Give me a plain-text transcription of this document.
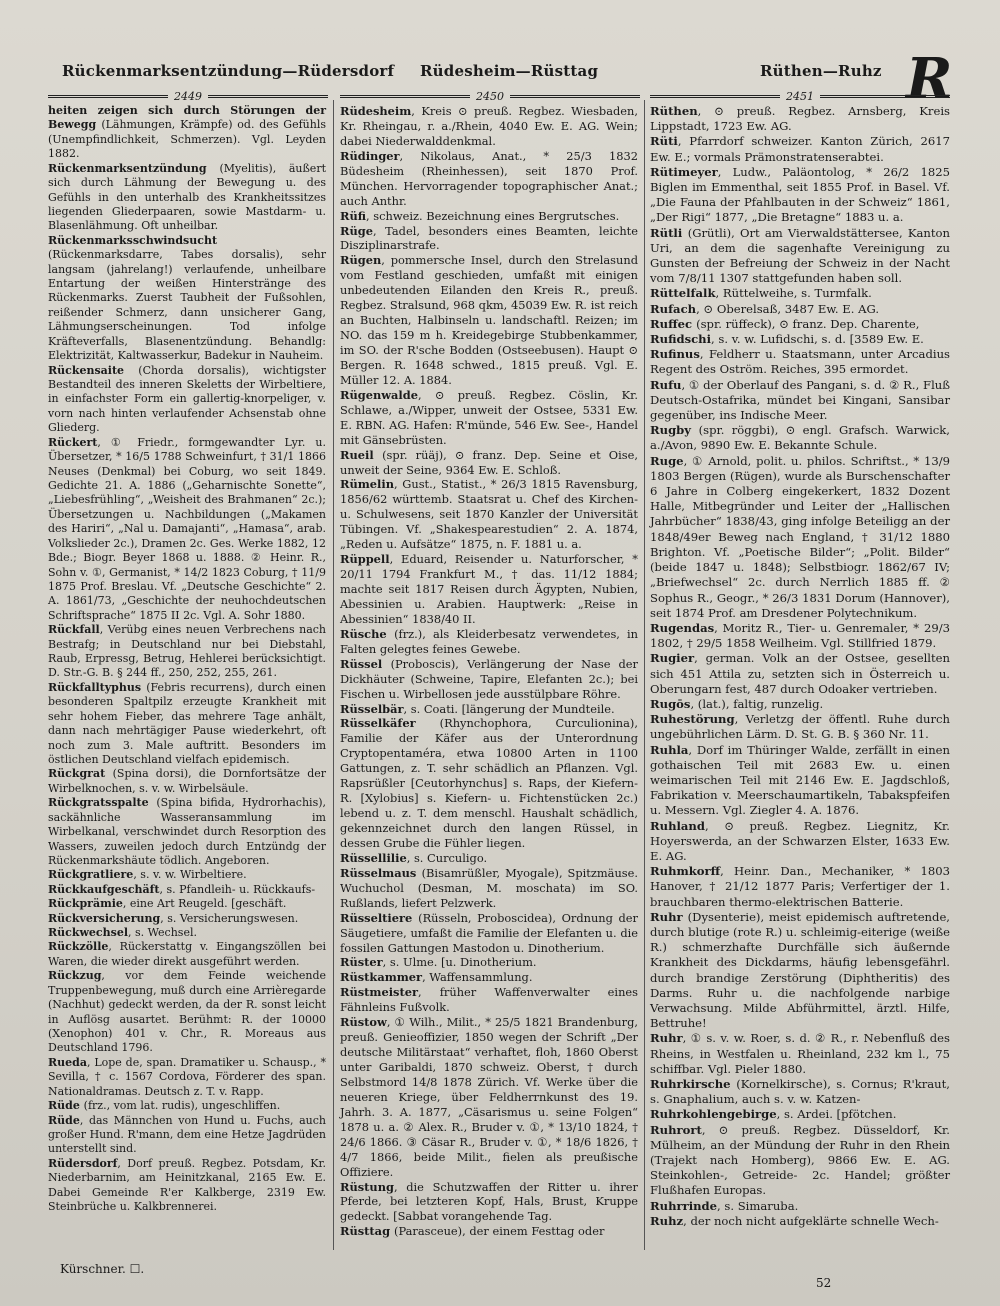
Rückenmarksentzündung—Rüdersdorf Rüdesheim—Rüsttag	Rüthen—Ruhz R
2449	2450	2451
heiten zeigen sich durch Störungen der Bewegg (Lähmungen, Krämpfe) od. des Gefühls (Unempfindlichkeit, Schmerzen). Vgl. Leyden 1882.
Rückenmarksentzündung (Myelitis), äußert sich durch Lähmung der Bewegung u. des Gefühls in den unterhalb des Krankheitssitzes liegenden Gliederpaaren, sowie Mastdarm- u. Blasenlähmung. Oft unheilbar.
Rückenmarksschwindsucht (Rückenmarksdarre, Tabes dorsalis), sehr langsam (jahrelang!) verlaufende, unheilbare Entartung der weißen Hinterstränge des Rückenmarks. Zuerst Taubheit der Fußsohlen, reißender Schmerz, dann unsicherer Gang, Lähmungserscheinungen. Tod infolge Kräfteverfalls, Blasenentzündung. Behandlg: Elektrizität, Kaltwasserkur, Badekur in Nauheim.
Rückensaite (Chorda dorsalis), wichtigster Bestandteil des inneren Skeletts der Wirbeltiere, in einfachster Form ein gallertig-knorpeliger, v. vorn nach hinten verlaufender Achsenstab ohne Gliederg.
Rückert, ① Friedr., formgewandter Lyr. u. Übersetzer, * 16/5 1788 Schweinfurt, † 31/1 1866 Neuses (Denkmal) bei Coburg, wo seit 1849. Gedichte 21. A. 1886 („Geharnischte Sonette“, „Liebesfrühling“, „Weisheit des Brahmanen“ 2c.); Übersetzungen u. Nachbildungen („Makamen des Hariri“, „Nal u. Damajanti“, „Hamasa“, arab. Volkslieder 2c.), Dramen 2c. Ges. Werke 1882, 12 Bde.; Biogr. Beyer 1868 u. 1888. ② Heinr. R., Sohn v. ①, Germanist, * 14/2 1823 Coburg, † 11/9 1875 Prof. Breslau. Vf. „Deutsche Geschichte“ 2. A. 1861/73, „Geschichte der neuhochdeutschen Schriftsprache“ 1875 II 2c. Vgl. A. Sohr 1880.
Rückfall, Verübg eines neuen Verbrechens nach Bestrafg; in Deutschland nur bei Diebstahl, Raub, Erpressg, Betrug, Hehlerei berücksichtigt. D. Str.-G. B. § 244 ff., 250, 252, 255, 261.
Rückfalltyphus (Febris recurrens), durch einen besonderen Spaltpilz erzeugte Krankheit mit sehr hohem Fieber, das mehrere Tage anhält, dann nach mehrtägiger Pause wiederkehrt, oft noch zum 3. Male auftritt. Besonders im östlichen Deutschland vielfach epidemisch.
Rückgrat (Spina dorsi), die Dornfortsätze der Wirbelknochen, s. v. w. Wirbelsäule.
Rückgratsspalte (Spina bifida, Hydrorhachis), sackähnliche Wasseransammlung im Wirbelkanal, verschwindet durch Resorption des Wassers, zuweilen jedoch durch Entzündg der Rückenmarkshäute tödlich. Angeboren.
Rückgratliere, s. v. w. Wirbeltiere.
Rückkaufgeschäft, s. Pfandleih- u. Rückkaufs-
Rückprämie, eine Art Reugeld. [geschäft.
Rückversicherung, s. Versicherungswesen.
Rückwechsel, s. Wechsel.
Rückzölle, Rückerstattg v. Eingangszöllen bei Waren, die wieder direkt ausgeführt werden.
Rückzug, vor dem Feinde weichende Truppenbewegung, muß durch eine Arrièregarde (Nachhut) gedeckt werden, da der R. sonst leicht in Auflösg ausartet. Berühmt: R. der 10000 (Xenophon) 401 v. Chr., R. Moreaus aus Deutschland 1796.
Rueda, Lope de, span. Dramatiker u. Schausp., * Sevilla, † c. 1567 Cordova, Förderer des span. Nationaldramas. Deutsch z. T. v. Rapp.
Rüde (frz., vom lat. rudis), ungeschliffen.
Rüde, das Männchen von Hund u. Fuchs, auch großer Hund. R'mann, dem eine Hetze Jagdrüden unterstellt sind.
Rüdersdorf, Dorf preuß. Regbez. Potsdam, Kr. Niederbarnim, am Heinitzkanal, 2165 Ew. E. Dabei Gemeinde R'er Kalkberge, 2319 Ew. Steinbrüche u. Kalkbrennerei.
Rüdesheim, Kreis ⊙ preuß. Regbez. Wiesbaden, Kr. Rheingau, r. a./Rhein, 4040 Ew. E. AG. Wein; dabei Niederwalddenkmal.
Rüdinger, Nikolaus, Anat., * 25/3 1832 Büdesheim (Rheinhessen), seit 1870 Prof. München. Hervorragender topographischer Anat.; auch Anthr.
Rüfi, schweiz. Bezeichnung eines Bergrutsches.
Rüge, Tadel, besonders eines Beamten, leichte Disziplinarstrafe.
Rügen, pommersche Insel, durch den Strelasund vom Festland geschieden, umfaßt mit einigen unbedeutenden Eilanden den Kreis R., preuß. Regbez. Stralsund, 968 qkm, 45039 Ew. R. ist reich an Buchten, Halbinseln u. landschaftl. Reizen; im NO. das 159 m h. Kreidegebirge Stubbenkammer, im SO. der R'sche Bodden (Ostseebusen). Haupt ⊙ Bergen. R. 1648 schwed., 1815 preuß. Vgl. E. Müller 12. A. 1884.
Rügenwalde, ⊙ preuß. Regbez. Cöslin, Kr. Schlawe, a./Wipper, unweit der Ostsee, 5331 Ew. E. RBN. AG. Hafen: R'münde, 546 Ew. See-, Handel mit Gänsebrüsten.
Rueil (spr. rüäj), ⊙ franz. Dep. Seine et Oise, unweit der Seine, 9364 Ew. E. Schloß.
Rümelin, Gust., Statist., * 26/3 1815 Ravensburg, 1856/62 württemb. Staatsrat u. Chef des Kirchen- u. Schulwesens, seit 1870 Kanzler der Universität Tübingen. Vf. „Shakespearestudien“ 2. A. 1874, „Reden u. Aufsätze“ 1875, n. F. 1881 u. a.
Rüppell, Eduard, Reisender u. Naturforscher, * 20/11 1794 Frankfurt M., † das. 11/12 1884; machte seit 1817 Reisen durch Ägypten, Nubien, Abessinien u. Arabien. Hauptwerk: „Reise in Abessinien“ 1838/40 II.
Rüsche (frz.), als Kleiderbesatz verwendetes, in Falten gelegtes feines Gewebe.
Rüssel (Proboscis), Verlängerung der Nase der Dickhäuter (Schweine, Tapire, Elefanten 2c.); bei Fischen u. Wirbellosen jede ausstülpbare Röhre.
Rüsselbär, s. Coati. [längerung der Mundteile.
Rüsselkäfer (Rhynchophora, Curculionina), Familie der Käfer aus der Unterordnung Cryptopentaméra, etwa 10800 Arten in 1100 Gattungen, z. T. sehr schädlich an Pflanzen. Vgl. Rapsrüßler [Ceutorhynchus] s. Raps, der Kiefern-R. [Xylobius] s. Kiefern- u. Fichtenstücken 2c.) lebend u. z. T. dem menschl. Haushalt schädlich, gekennzeichnet durch den langen Rüssel, in dessen Grube die Fühler liegen.
Rüssellilie, s. Curculigo.
Rüsselmaus (Bisamrüßler, Myogale), Spitzmäuse. Wuchuchol (Desman, M. moschata) im SO. Rußlands, liefert Pelzwerk.
Rüsseltiere (Rüsseln, Proboscidea), Ordnung der Säugetiere, umfaßt die Familie der Elefanten u. die fossilen Gattungen Mastodon u. Dinotherium.
Rüster, s. Ulme. [u. Dinotherium.
Rüstkammer, Waffensammlung.
Rüstmeister, früher Waffenverwalter eines Fähnleins Fußvolk.
Rüstow, ① Wilh., Milit., * 25/5 1821 Brandenburg, preuß. Genieoffizier, 1850 wegen der Schrift „Der deutsche Militärstaat“ verhaftet, floh, 1860 Oberst unter Garibaldi, 1870 schweiz. Oberst, † durch Selbstmord 14/8 1878 Zürich. Vf. Werke über die neueren Kriege, über Feldherrnkunst des 19. Jahrh. 3. A. 1877, „Cäsarismus u. seine Folgen“ 1878 u. a. ② Alex. R., Bruder v. ①, * 13/10 1824, † 24/6 1866. ③ Cäsar R., Bruder v. ①, * 18/6 1826, † 4/7 1866, beide Milit., fielen als preußische Offiziere.
Rüstung, die Schutzwaffen der Ritter u. ihrer Pferde, bei letzteren Kopf, Hals, Brust, Kruppe gedeckt. [Sabbat vorangehende Tag.
Rüsttag (Parasceue), der einem Festtag oder
Rüthen, ⊙ preuß. Regbez. Arnsberg, Kreis Lippstadt, 1723 Ew. AG.
Rüti, Pfarrdorf schweizer. Kanton Zürich, 2617 Ew. E.; vormals Prämonstratenserabtei.
Rütimeyer, Ludw., Paläontolog, * 26/2 1825 Biglen im Emmenthal, seit 1855 Prof. in Basel. Vf. „Die Fauna der Pfahlbauten in der Schweiz“ 1861, „Der Rigi“ 1877, „Die Bretagne“ 1883 u. a.
Rütli (Grütli), Ort am Vierwaldstättersee, Kanton Uri, an dem die sagenhafte Vereinigung zu Gunsten der Befreiung der Schweiz in der Nacht vom 7/8/11 1307 stattgefunden haben soll.
Rüttelfalk, Rüttelweihe, s. Turmfalk.
Rufach, ⊙ Oberelsaß, 3487 Ew. E. AG.
Ruffec (spr. rüffeck), ⊙ franz. Dep. Charente,
Rufidschi, s. v. w. Lufidschi, s. d. [3589 Ew. E.
Rufinus, Feldherr u. Staatsmann, unter Arcadius Regent des Oström. Reiches, 395 ermordet.
Rufu, ① der Oberlauf des Pangani, s. d. ② R., Fluß Deutsch-Ostafrika, mündet bei Kingani, Sansibar gegenüber, ins Indische Meer.
Rugby (spr. röggbi), ⊙ engl. Grafsch. Warwick, a./Avon, 9890 Ew. E. Bekannte Schule.
Ruge, ① Arnold, polit. u. philos. Schriftst., * 13/9 1803 Bergen (Rügen), wurde als Burschenschafter 6 Jahre in Colberg eingekerkert, 1832 Dozent Halle, Mitbegründer und Leiter der „Hallischen Jahrbücher“ 1838/43, ging infolge Beteiligg an der 1848/49er Beweg nach England, † 31/12 1880 Brighton. Vf. „Poetische Bilder“; „Polit. Bilder“ (beide 1847 u. 1848); Selbstbiogr. 1862/67 IV; „Briefwechsel“ 2c. durch Nerrlich 1885 ff. ② Sophus R., Geogr., * 26/3 1831 Dorum (Hannover), seit 1874 Prof. am Dresdener Polytechnikum.
Rugendas, Moritz R., Tier- u. Genremaler, * 29/3 1802, † 29/5 1858 Weilheim. Vgl. Stillfried 1879.
Rugier, german. Volk an der Ostsee, gesellten sich 451 Attila zu, setzten sich in Österreich u. Oberungarn fest, 487 durch Odoaker vertrieben.
Rugōs, (lat.), faltig, runzelig.
Ruhestörung, Verletzg der öffentl. Ruhe durch ungebührlichen Lärm. D. St. G. B. § 360 Nr. 11.
Ruhla, Dorf im Thüringer Walde, zerfällt in einen gothaischen Teil mit 2683 Ew. u. einen weimarischen Teil mit 2146 Ew. E. Jagdschloß, Fabrikation v. Meerschaumartikeln, Tabakspfeifen u. Messern. Vgl. Ziegler 4. A. 1876.
Ruhland, ⊙ preuß. Regbez. Liegnitz, Kr. Hoyerswerda, an der Schwarzen Elster, 1633 Ew. E. AG.
Ruhmkorff, Heinr. Dan., Mechaniker, * 1803 Hanover, † 21/12 1877 Paris; Verfertiger der 1. brauchbaren thermo-elektrischen Batterie.
Ruhr (Dysenterie), meist epidemisch auftretende, durch blutige (rote R.) u. schleimig-eiterige (weiße R.) schmerzhafte Durchfälle sich äußernde Krankheit des Dickdarms, häufig lebensgefährl. durch brandige Zerstörung (Diphtheritis) des Darms. Ruhr u. die nachfolgende narbige Verwachsung. Milde Abführmittel, ärztl. Hilfe, Bettruhe!
Ruhr, ① s. v. w. Roer, s. d. ② R., r. Nebenfluß des Rheins, in Westfalen u. Rheinland, 232 km l., 75 schiffbar. Vgl. Pieler 1880.
Ruhrkirsche (Kornelkirsche), s. Cornus; R'kraut, s. Gnaphalium, auch s. v. w. Katzen-
Ruhrkohlengebirge, s. Ardei. [pfötchen.
Ruhrort, ⊙ preuß. Regbez. Düsseldorf, Kr. Mülheim, an der Mündung der Ruhr in den Rhein (Trajekt nach Homberg), 9866 Ew. E. AG. Steinkohlen-, Getreide- 2c. Handel; größter Flußhafen Europas.
Ruhrrinde, s. Simaruba.
Ruhz, der noch nicht aufgeklärte schnelle Wech-
Kürschner. ☐.
52
